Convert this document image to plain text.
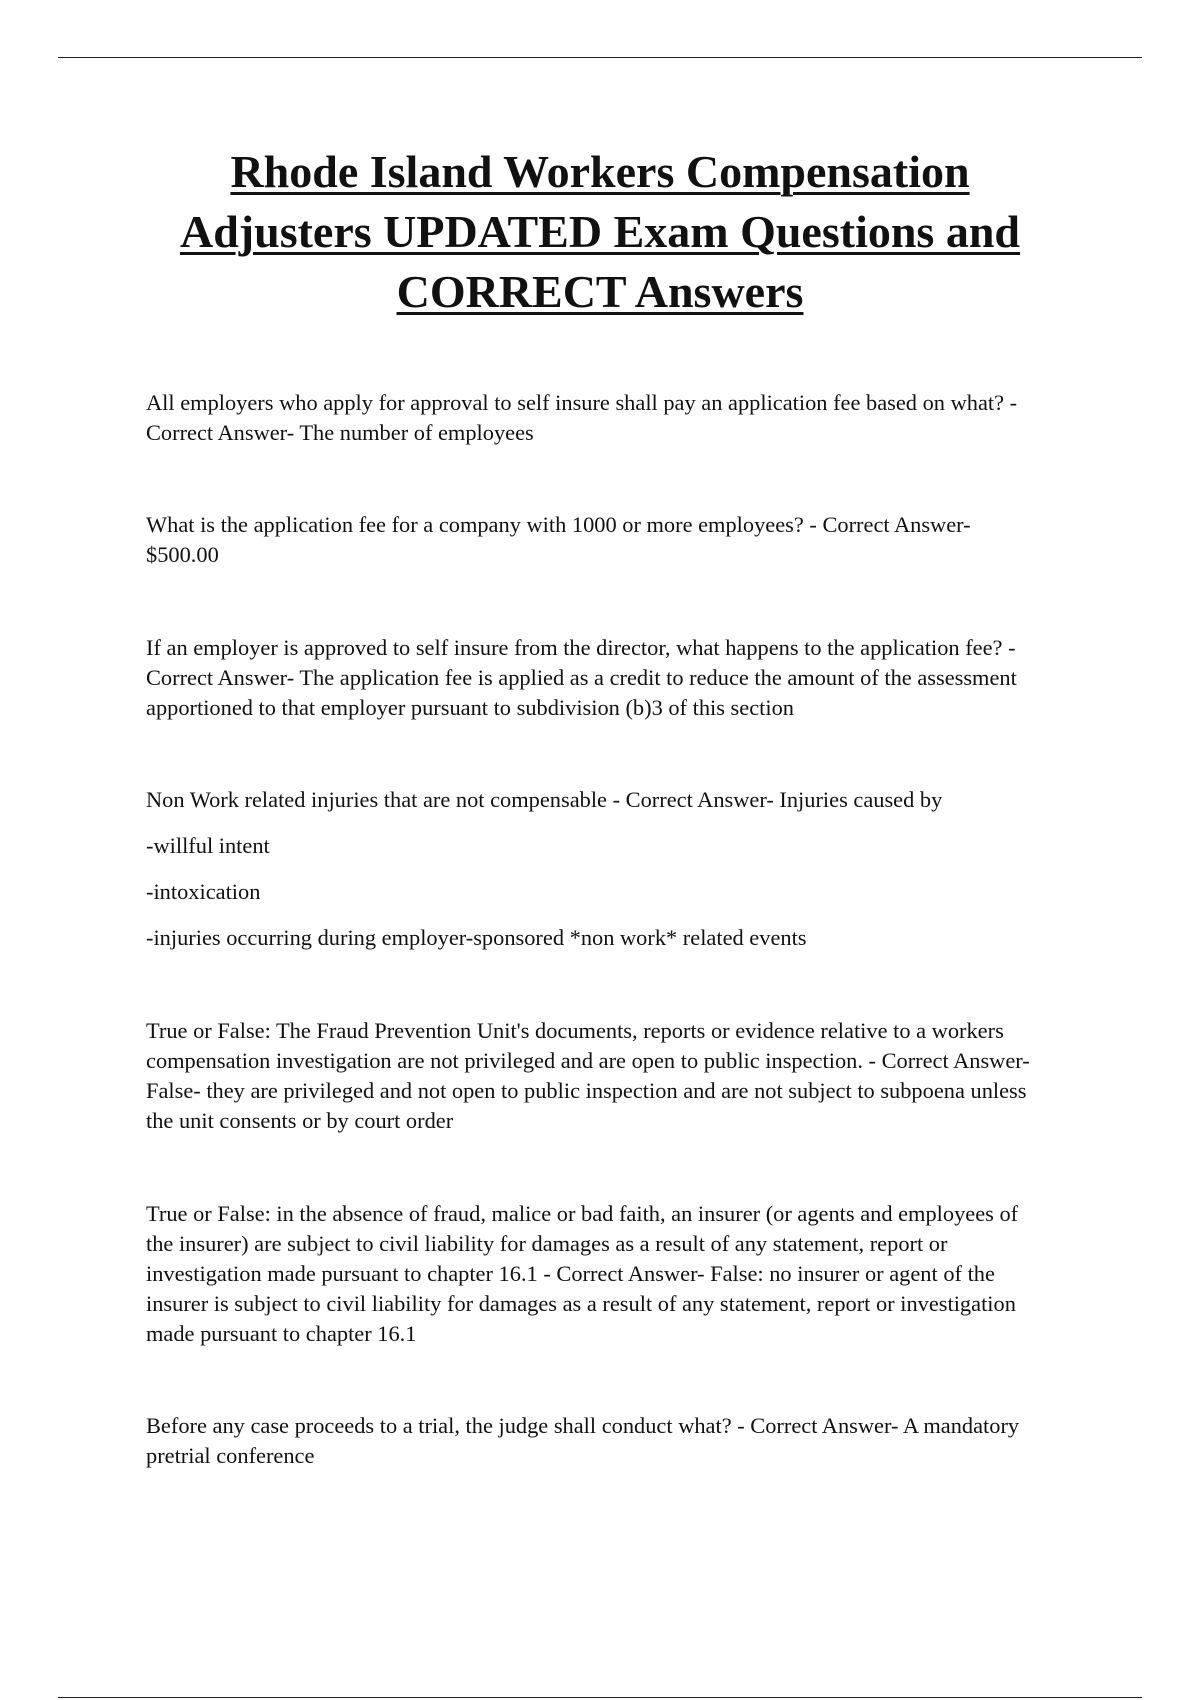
Rhode Island Workers Compensation
Adjusters UPDATED Exam Questions and
CORRECT Answers

All employers who apply for approval to self insure shall pay an application fee based on what? - Correct Answer- The number of employees

What is the application fee for a company with 1000 or more employees? - Correct Answer- $500.00

If an employer is approved to self insure from the director, what happens to the application fee? - Correct Answer- The application fee is applied as a credit to reduce the amount of the assessment apportioned to that employer pursuant to subdivision (b)3 of this section

Non Work related injuries that are not compensable - Correct Answer- Injuries caused by

-willful intent

-intoxication

-injuries occurring during employer-sponsored *non work* related events

True or False: The Fraud Prevention Unit's documents, reports or evidence relative to a workers compensation investigation are not privileged and are open to public inspection. - Correct Answer- False- they are privileged and not open to public inspection and are not subject to subpoena unless the unit consents or by court order

True or False: in the absence of fraud, malice or bad faith, an insurer (or agents and employees of the insurer) are subject to civil liability for damages as a result of any statement, report or investigation made pursuant to chapter 16.1 - Correct Answer- False: no insurer or agent of the insurer is subject to civil liability for damages as a result of any statement, report or investigation made pursuant to chapter 16.1

Before any case proceeds to a trial, the judge shall conduct what? - Correct Answer- A mandatory pretrial conference
